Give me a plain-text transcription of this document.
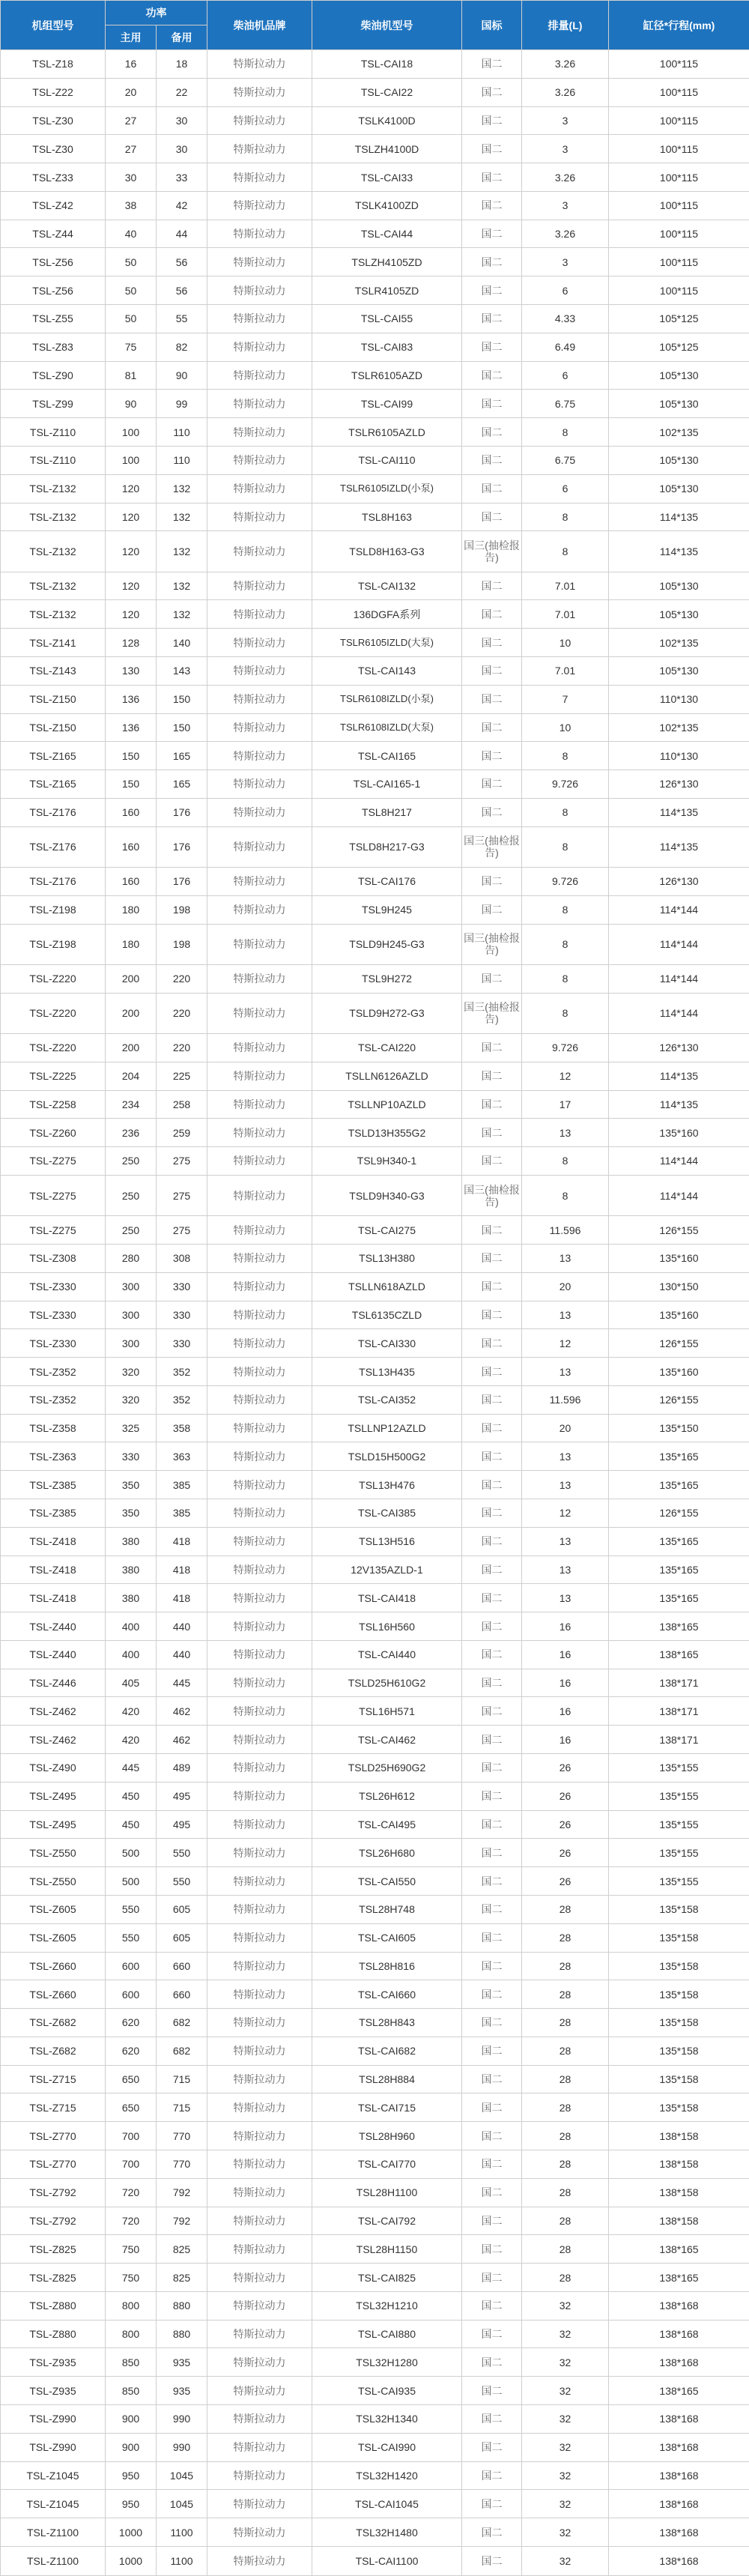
机组型号	功率		柴油机品牌	柴油机型号	国标	排量(L)	缸径*行程(mm)
	主用	备用					
TSL-Z18	16	18	特斯拉动力	TSL-CAI18	国二	3.26	100*115
TSL-Z22	20	22	特斯拉动力	TSL-CAI22	国二	3.26	100*115
TSL-Z30	27	30	特斯拉动力	TSLK4100D	国二	3	100*115
TSL-Z30	27	30	特斯拉动力	TSLZH4100D	国二	3	100*115
TSL-Z33	30	33	特斯拉动力	TSL-CAI33	国二	3.26	100*115
TSL-Z42	38	42	特斯拉动力	TSLK4100ZD	国二	3	100*115
TSL-Z44	40	44	特斯拉动力	TSL-CAI44	国二	3.26	100*115
TSL-Z56	50	56	特斯拉动力	TSLZH4105ZD	国二	3	100*115
TSL-Z56	50	56	特斯拉动力	TSLR4105ZD	国二	6	100*115
TSL-Z55	50	55	特斯拉动力	TSL-CAI55	国二	4.33	105*125
TSL-Z83	75	82	特斯拉动力	TSL-CAI83	国二	6.49	105*125
TSL-Z90	81	90	特斯拉动力	TSLR6105AZD	国二	6	105*130
TSL-Z99	90	99	特斯拉动力	TSL-CAI99	国二	6.75	105*130
TSL-Z110	100	110	特斯拉动力	TSLR6105AZLD	国二	8	102*135
TSL-Z110	100	110	特斯拉动力	TSL-CAI110	国二	6.75	105*130
TSL-Z132	120	132	特斯拉动力	TSLR6105IZLD(小泵)	国二	6	105*130
TSL-Z132	120	132	特斯拉动力	TSL8H163	国二	8	114*135
TSL-Z132	120	132	特斯拉动力	TSLD8H163-G3	国三(抽检报告)	8	114*135
TSL-Z132	120	132	特斯拉动力	TSL-CAI132	国二	7.01	105*130
TSL-Z132	120	132	特斯拉动力	136DGFA系列	国二	7.01	105*130
TSL-Z141	128	140	特斯拉动力	TSLR6105IZLD(大泵)	国二	10	102*135
TSL-Z143	130	143	特斯拉动力	TSL-CAI143	国二	7.01	105*130
TSL-Z150	136	150	特斯拉动力	TSLR6108IZLD(小泵)	国二	7	110*130
TSL-Z150	136	150	特斯拉动力	TSLR6108IZLD(大泵)	国二	10	102*135
TSL-Z165	150	165	特斯拉动力	TSL-CAI165	国二	8	110*130
TSL-Z165	150	165	特斯拉动力	TSL-CAI165-1	国二	9.726	126*130
TSL-Z176	160	176	特斯拉动力	TSL8H217	国二	8	114*135
TSL-Z176	160	176	特斯拉动力	TSLD8H217-G3	国三(抽检报告)	8	114*135
TSL-Z176	160	176	特斯拉动力	TSL-CAI176	国二	9.726	126*130
TSL-Z198	180	198	特斯拉动力	TSL9H245	国二	8	114*144
TSL-Z198	180	198	特斯拉动力	TSLD9H245-G3	国三(抽检报告)	8	114*144
TSL-Z220	200	220	特斯拉动力	TSL9H272	国二	8	114*144
TSL-Z220	200	220	特斯拉动力	TSLD9H272-G3	国三(抽检报告)	8	114*144
TSL-Z220	200	220	特斯拉动力	TSL-CAI220	国二	9.726	126*130
TSL-Z225	204	225	特斯拉动力	TSLLN6126AZLD	国二	12	114*135
TSL-Z258	234	258	特斯拉动力	TSLLNP10AZLD	国二	17	114*135
TSL-Z260	236	259	特斯拉动力	TSLD13H355G2	国二	13	135*160
TSL-Z275	250	275	特斯拉动力	TSL9H340-1	国二	8	114*144
TSL-Z275	250	275	特斯拉动力	TSLD9H340-G3	国三(抽检报告)	8	114*144
TSL-Z275	250	275	特斯拉动力	TSL-CAI275	国二	11.596	126*155
TSL-Z308	280	308	特斯拉动力	TSL13H380	国二	13	135*160
TSL-Z330	300	330	特斯拉动力	TSLLN618AZLD	国二	20	130*150
TSL-Z330	300	330	特斯拉动力	TSL6135CZLD	国二	13	135*160
TSL-Z330	300	330	特斯拉动力	TSL-CAI330	国二	12	126*155
TSL-Z352	320	352	特斯拉动力	TSL13H435	国二	13	135*160
TSL-Z352	320	352	特斯拉动力	TSL-CAI352	国二	11.596	126*155
TSL-Z358	325	358	特斯拉动力	TSLLNP12AZLD	国二	20	135*150
TSL-Z363	330	363	特斯拉动力	TSLD15H500G2	国二	13	135*165
TSL-Z385	350	385	特斯拉动力	TSL13H476	国二	13	135*165
TSL-Z385	350	385	特斯拉动力	TSL-CAI385	国二	12	126*155
TSL-Z418	380	418	特斯拉动力	TSL13H516	国二	13	135*165
TSL-Z418	380	418	特斯拉动力	12V135AZLD-1	国二	13	135*165
TSL-Z418	380	418	特斯拉动力	TSL-CAI418	国二	13	135*165
TSL-Z440	400	440	特斯拉动力	TSL16H560	国二	16	138*165
TSL-Z440	400	440	特斯拉动力	TSL-CAI440	国二	16	138*165
TSL-Z446	405	445	特斯拉动力	TSLD25H610G2	国二	16	138*171
TSL-Z462	420	462	特斯拉动力	TSL16H571	国二	16	138*171
TSL-Z462	420	462	特斯拉动力	TSL-CAI462	国二	16	138*171
TSL-Z490	445	489	特斯拉动力	TSLD25H690G2	国二	26	135*155
TSL-Z495	450	495	特斯拉动力	TSL26H612	国二	26	135*155
TSL-Z495	450	495	特斯拉动力	TSL-CAI495	国二	26	135*155
TSL-Z550	500	550	特斯拉动力	TSL26H680	国二	26	135*155
TSL-Z550	500	550	特斯拉动力	TSL-CAI550	国二	26	135*155
TSL-Z605	550	605	特斯拉动力	TSL28H748	国二	28	135*158
TSL-Z605	550	605	特斯拉动力	TSL-CAI605	国二	28	135*158
TSL-Z660	600	660	特斯拉动力	TSL28H816	国二	28	135*158
TSL-Z660	600	660	特斯拉动力	TSL-CAI660	国二	28	135*158
TSL-Z682	620	682	特斯拉动力	TSL28H843	国二	28	135*158
TSL-Z682	620	682	特斯拉动力	TSL-CAI682	国二	28	135*158
TSL-Z715	650	715	特斯拉动力	TSL28H884	国二	28	135*158
TSL-Z715	650	715	特斯拉动力	TSL-CAI715	国二	28	135*158
TSL-Z770	700	770	特斯拉动力	TSL28H960	国二	28	138*158
TSL-Z770	700	770	特斯拉动力	TSL-CAI770	国二	28	138*158
TSL-Z792	720	792	特斯拉动力	TSL28H1100	国二	28	138*158
TSL-Z792	720	792	特斯拉动力	TSL-CAI792	国二	28	138*158
TSL-Z825	750	825	特斯拉动力	TSL28H1150	国二	28	138*165
TSL-Z825	750	825	特斯拉动力	TSL-CAI825	国二	28	138*165
TSL-Z880	800	880	特斯拉动力	TSL32H1210	国二	32	138*168
TSL-Z880	800	880	特斯拉动力	TSL-CAI880	国二	32	138*168
TSL-Z935	850	935	特斯拉动力	TSL32H1280	国二	32	138*168
TSL-Z935	850	935	特斯拉动力	TSL-CAI935	国二	32	138*165
TSL-Z990	900	990	特斯拉动力	TSL32H1340	国二	32	138*168
TSL-Z990	900	990	特斯拉动力	TSL-CAI990	国二	32	138*168
TSL-Z1045	950	1045	特斯拉动力	TSL32H1420	国二	32	138*168
TSL-Z1045	950	1045	特斯拉动力	TSL-CAI1045	国二	32	138*168
TSL-Z1100	1000	1100	特斯拉动力	TSL32H1480	国二	32	138*168
TSL-Z1100	1000	1100	特斯拉动力	TSL-CAI1100	国二	32	138*168
